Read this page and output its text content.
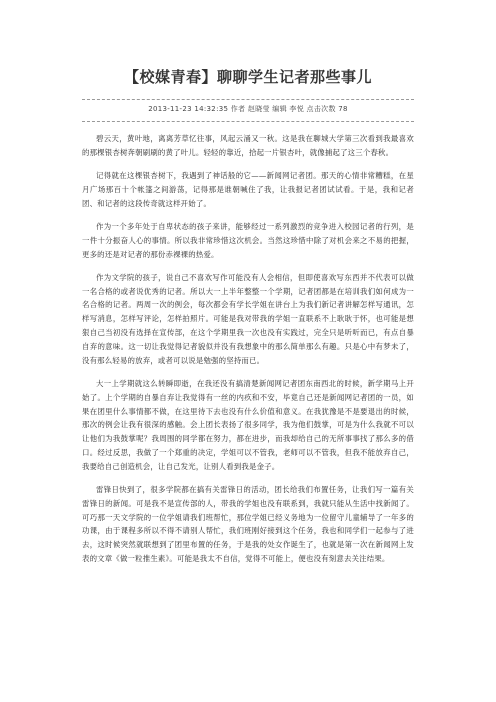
【校媒青春】聊聊学生记者那些事儿
2013-11-23 14:32:35 作者 赵晓莹 编辑 李悦 点击次数 78

碧云天，黄叶地，离离芳草忆往事，风起云涌又一秋。这是我在聊城大学第三次看到我最喜欢的那棵银杏树奔朝刷刷的黄了叶儿。轻轻的靠近，拾起一片银杏叶，就像捕起了这三个春秋。

记得就在这棵银杏树下，我遇到了神话般的它——新闻网记者团。那天的心情非常糟糕，在星月广场那百十个帐篷之间游荡，记得那是谁朝喊住了我，让我报记者团试试看。于是，我和记者团、和记者的这段传奇就这样开始了。

作为一个多年处于自卑状态的孩子来讲，能够经过一系列激烈的竞争进入校园记者的行列，是一件十分振奋人心的事情。所以我非常珍惜这次机会。当然这珍惜中除了对机会来之不易的把握，更多的还是对记者的那份赤裸裸的热爱。

作为文学院的孩子，说自己不喜欢写作可能没有人会相信，但即使喜欢写东西并不代表可以做一名合格的或者说优秀的记者。所以大一上半年整整一个学期，记者团都是在培训我们如何成为一名合格的记者。两周一次的例会，每次都会有学长学姐在讲台上为我们新记者讲解怎样写通讯，怎样写消息，怎样写评论，怎样拍照片。可能是我对带我的学姐一直联系不上耿耿于怀，也可能是想狠自己当初没有选择在宣传部，在这个学期里我一次也没有实践过，完全只是听听而已，有点自暴自弃的意味。这一切让我觉得记者貌似并没有我想象中的那么简单那么有趣。只是心中有梦未了，没有那么轻易的放弃，或者可以说是勉强的坚持而已。

大一上学期就这么转瞬即逝，在我还没有搞清楚新闻网记者团东南西北的时候，新学期马上开始了。上个学期的自暴自弃让我觉得有一丝的内疚和不安，毕竟自己还是新闻网记者团的一员，如果在团里什么事情都不做，在这里待下去也没有什么价值和意义。在我犹豫是不是要退出的时候，那次的例会让我有很深的感触。会上团长表扬了很多同学，我为他们鼓掌，可是为什么我就不可以让他们为我鼓掌呢？我周围的同学都在努力，都在进步，而我却给自己的无所事事找了那么多的借口。经过反思，我做了一个郑重的决定，学姐可以不管我，老师可以不管我，但我不能放弃自己，我要给自己创造机会，让自己发光，让别人看到我是金子。

雷锋日快到了，很多学院都在搞有关雷锋日的活动，团长给我们布置任务，让我们写一篇有关雷锋日的新闻。可是我不是宣传部的人，带我的学姐也没有联系到，我就只能从生活中找新闻了。可巧那一天文学院的一位学姐请我们班帮忙，那位学姐已经义务地为一位留守儿童辅导了一年多的功课，由于课程多所以不得不请别人帮忙，我们班刚好接到这个任务，我也和同学们一起参与了进去，这时候突然就联想到了团里布置的任务，于是我的处女作诞生了，也就是第一次在新闻网上发表的文章《做一粒推生素》。可能是我太不自信，觉得不可能上，便也没有刻意去关注结果。
